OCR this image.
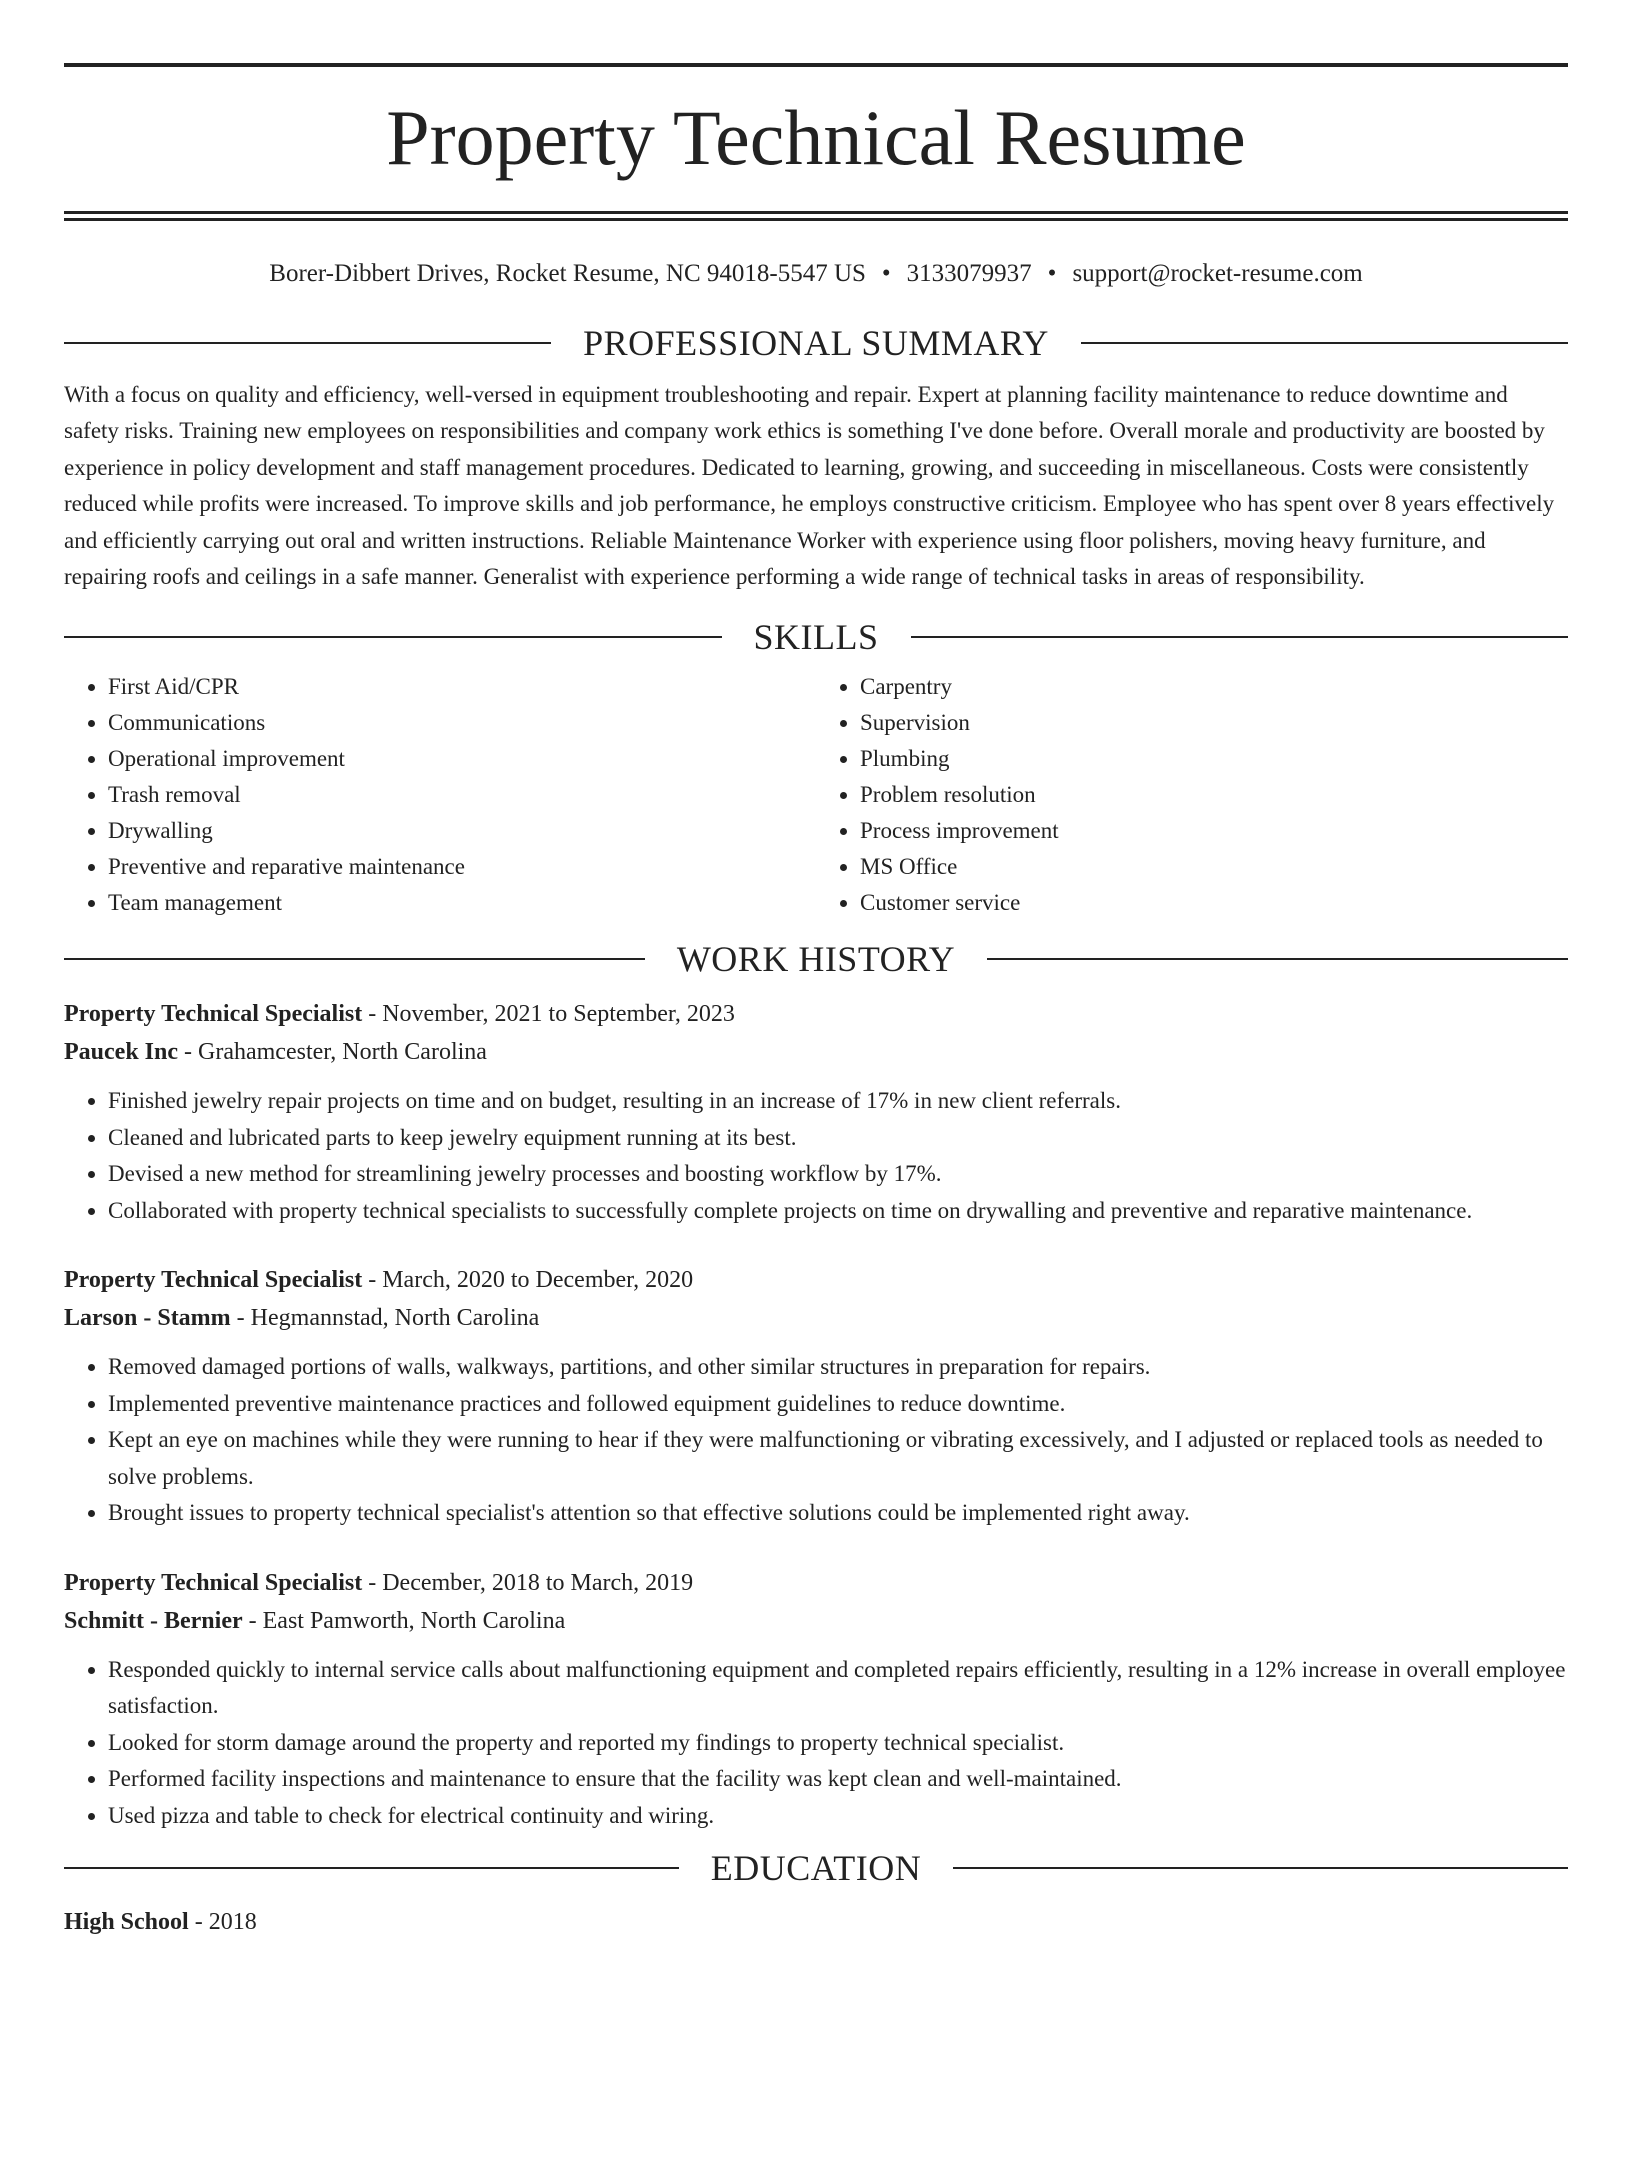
Property Technical Resume
Borer-Dibbert Drives, Rocket Resume, NC 94018-5547 US • 3133079937 • support@rocket-resume.com
PROFESSIONAL SUMMARY

With a focus on quality and efficiency, well-versed in equipment troubleshooting and repair. Expert at planning facility maintenance to reduce downtime and safety risks. Training new employees on responsibilities and company work ethics is something I've done before. Overall morale and productivity are boosted by experience in policy development and staff management procedures. Dedicated to learning, growing, and succeeding in miscellaneous. Costs were consistently reduced while profits were increased. To improve skills and job performance, he employs constructive criticism. Employee who has spent over 8 years effectively and efficiently carrying out oral and written instructions. Reliable Maintenance Worker with experience using floor polishers, moving heavy furniture, and repairing roofs and ceilings in a safe manner. Generalist with experience performing a wide range of technical tasks in areas of responsibility.

SKILLS
• First Aid/CPR
• Communications
• Operational improvement
• Trash removal
• Drywalling
• Preventive and reparative maintenance
• Team management
• Carpentry
• Supervision
• Plumbing
• Problem resolution
• Process improvement
• MS Office
• Customer service
WORK HISTORY
Property Technical Specialist - November, 2021 to September, 2023
Paucek Inc - Grahamcester, North Carolina
• Finished jewelry repair projects on time and on budget, resulting in an increase of 17% in new client referrals.
• Cleaned and lubricated parts to keep jewelry equipment running at its best.
• Devised a new method for streamlining jewelry processes and boosting workflow by 17%.
• Collaborated with property technical specialists to successfully complete projects on time on drywalling and preventive and reparative maintenance.
Property Technical Specialist - March, 2020 to December, 2020
Larson - Stamm - Hegmannstad, North Carolina
• Removed damaged portions of walls, walkways, partitions, and other similar structures in preparation for repairs.
• Implemented preventive maintenance practices and followed equipment guidelines to reduce downtime.
• Kept an eye on machines while they were running to hear if they were malfunctioning or vibrating excessively, and I adjusted or replaced tools as needed to solve problems.
• Brought issues to property technical specialist's attention so that effective solutions could be implemented right away.
Property Technical Specialist - December, 2018 to March, 2019
Schmitt - Bernier - East Pamworth, North Carolina
• Responded quickly to internal service calls about malfunctioning equipment and completed repairs efficiently, resulting in a 12% increase in overall employee satisfaction.
• Looked for storm damage around the property and reported my findings to property technical specialist.
• Performed facility inspections and maintenance to ensure that the facility was kept clean and well-maintained.
• Used pizza and table to check for electrical continuity and wiring.
EDUCATION
High School - 2018
